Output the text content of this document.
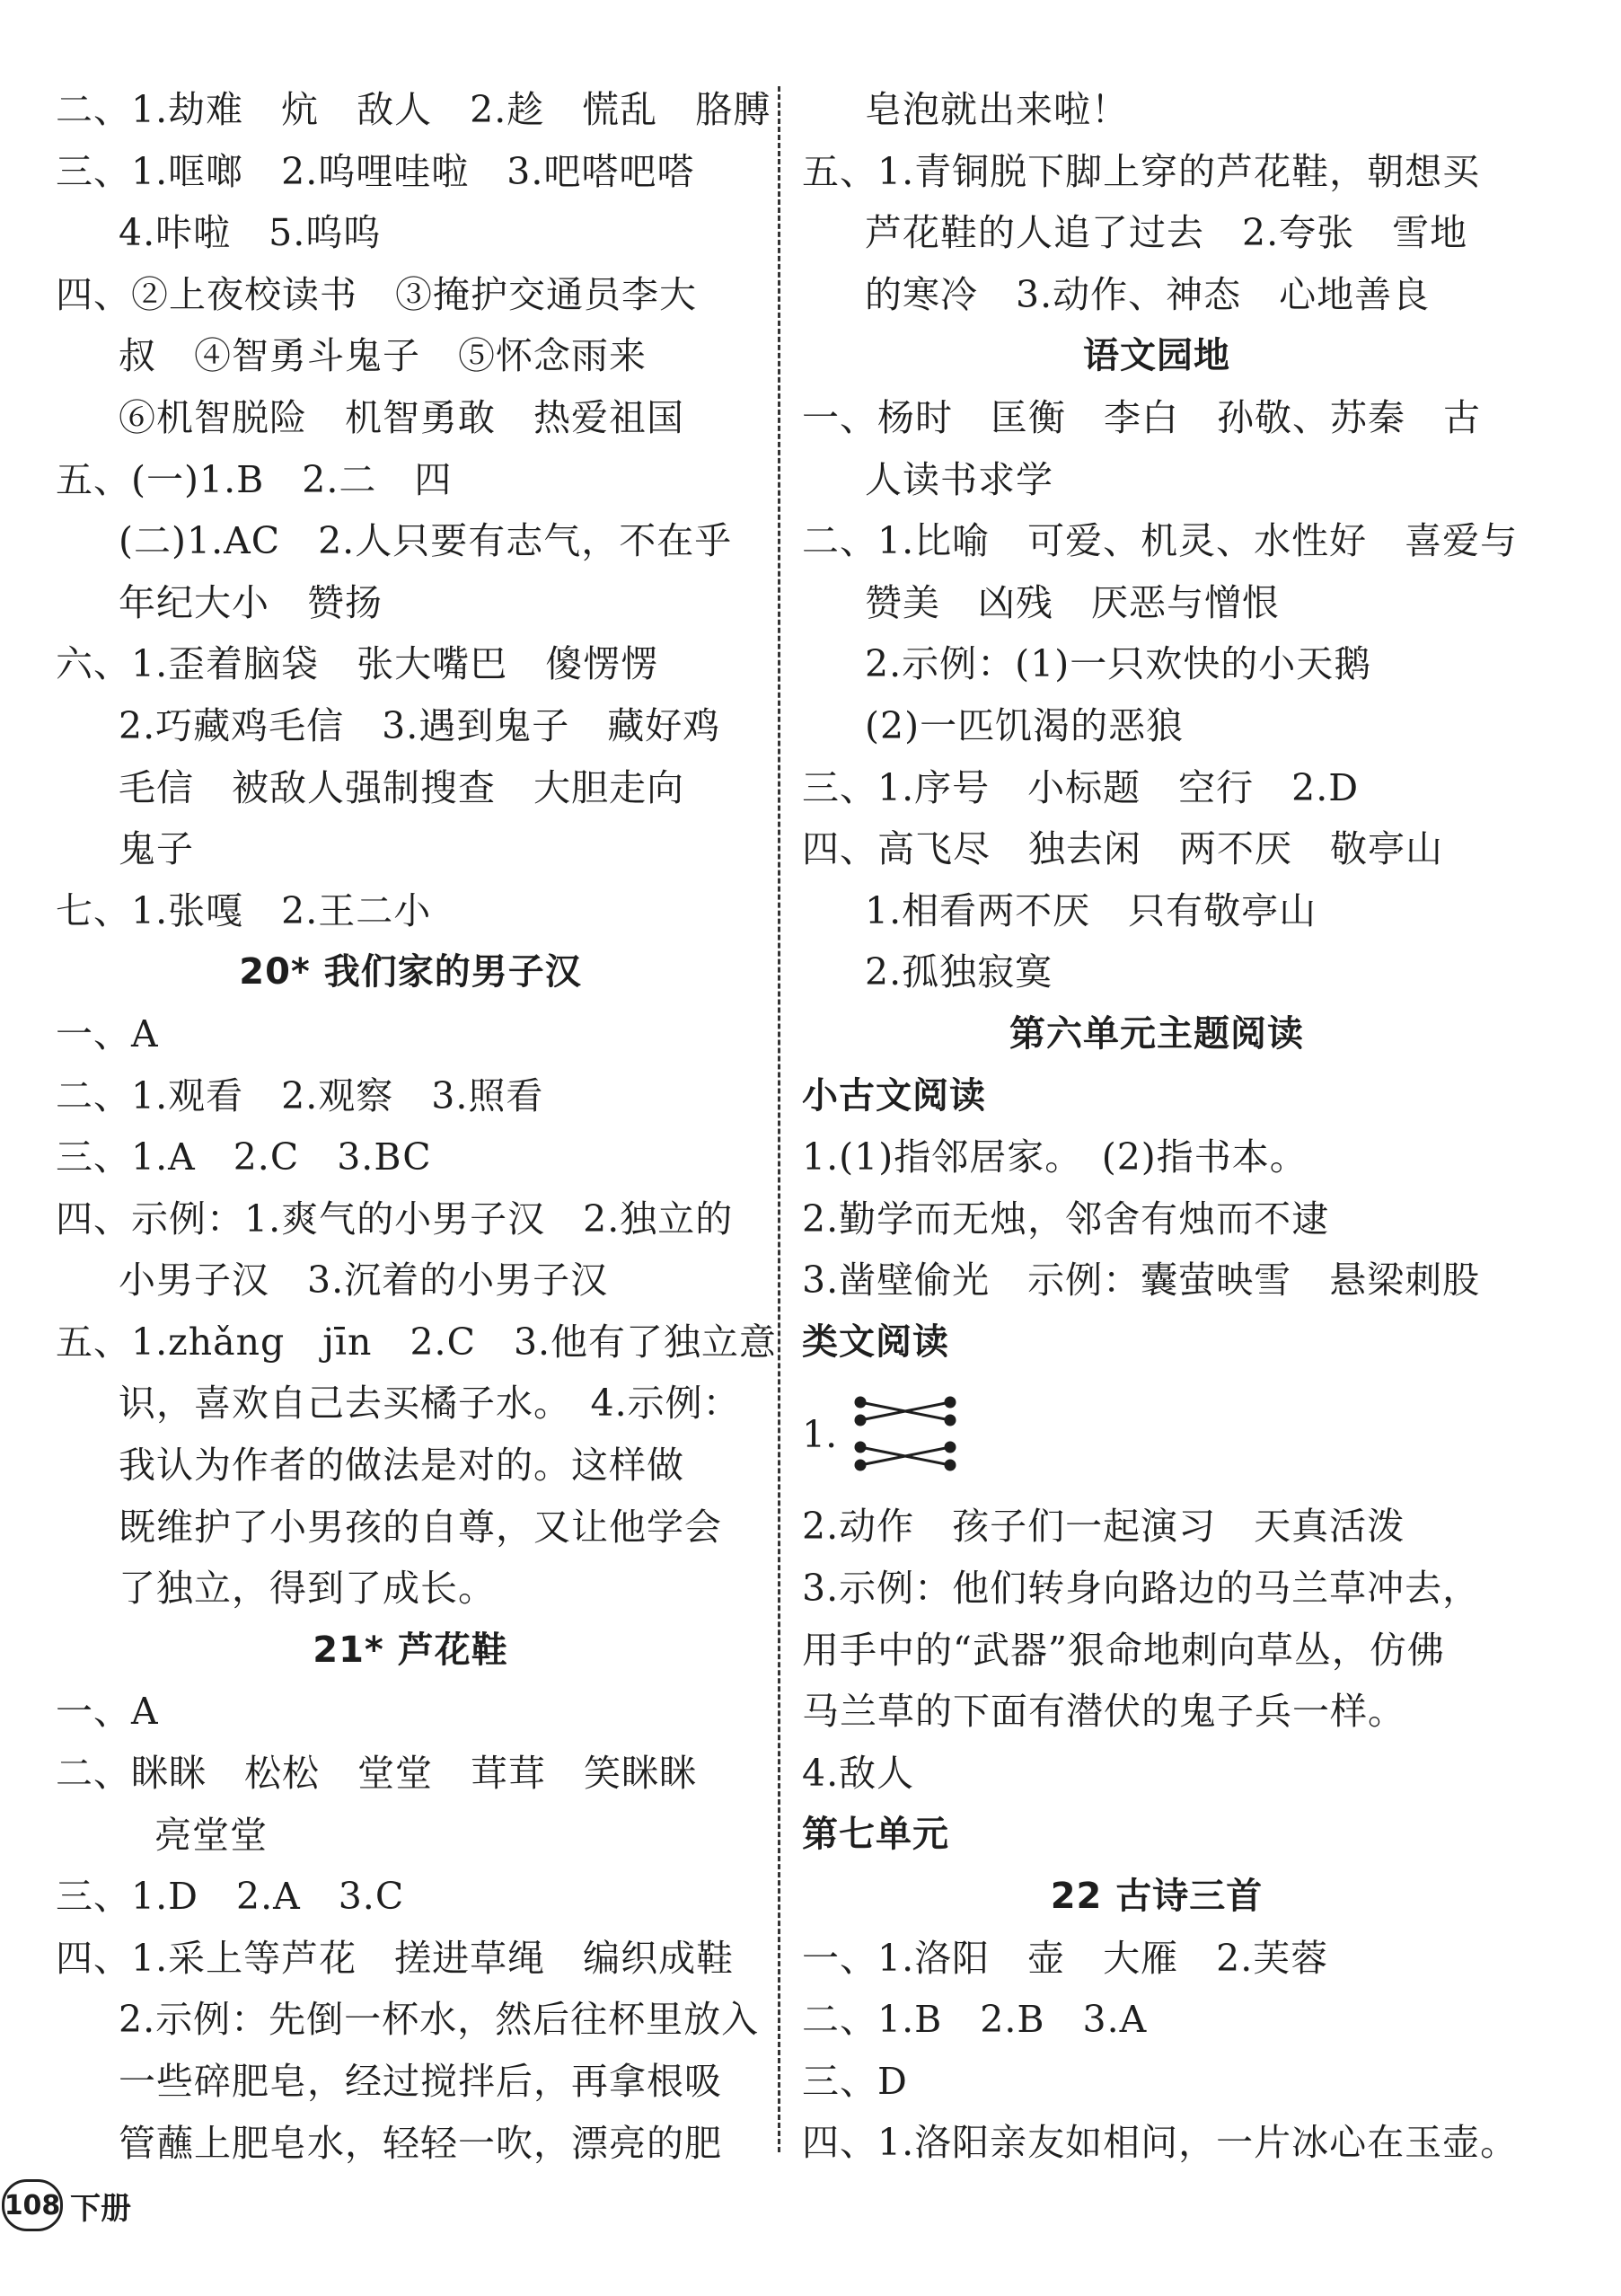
二、1.劫难　炕　敌人　2.趁　慌乱　胳膊
三、1.哐啷　2.呜哩哇啦　3.吧嗒吧嗒
4.咔啦　5.呜呜
四、②上夜校读书　③掩护交通员李大
叔　④智勇斗鬼子　⑤怀念雨来
⑥机智脱险　机智勇敢　热爱祖国
五、(一)1.B　2.二　四
(二)1.AC　2.人只要有志气，不在乎
年纪大小　赞扬
六、1.歪着脑袋　张大嘴巴　傻愣愣
2.巧藏鸡毛信　3.遇到鬼子　藏好鸡
毛信　被敌人强制搜查　大胆走向
鬼子
七、1.张嘎　2.王二小
20* 我们家的男子汉
一、A
二、1.观看　2.观察　3.照看
三、1.A　2.C　3.BC
四、示例：1.爽气的小男子汉　2.独立的
小男子汉　3.沉着的小男子汉
五、1.zhǎng　jīn　2.C　3.他有了独立意
识，喜欢自己去买橘子水。　4.示例：
我认为作者的做法是对的。这样做
既维护了小男孩的自尊，又让他学会
了独立，得到了成长。
21* 芦花鞋
一、A
二、眯眯　松松　堂堂　茸茸　笑眯眯
亮堂堂
三、1.D　2.A　3.C
四、1.采上等芦花　搓进草绳　编织成鞋
2.示例：先倒一杯水，然后往杯里放入
一些碎肥皂，经过搅拌后，再拿根吸
管蘸上肥皂水，轻轻一吹，漂亮的肥
皂泡就出来啦！
五、1.青铜脱下脚上穿的芦花鞋，朝想买
芦花鞋的人追了过去　2.夸张　雪地
的寒冷　3.动作、神态　心地善良
语文园地
一、杨时　匡衡　李白　孙敬、苏秦　古
人读书求学
二、1.比喻　可爱、机灵、水性好　喜爱与
赞美　凶残　厌恶与憎恨
2.示例：(1)一只欢快的小天鹅
(2)一匹饥渴的恶狼
三、1.序号　小标题　空行　2.D
四、高飞尽　独去闲　两不厌　敬亭山
1.相看两不厌　只有敬亭山
2.孤独寂寞
第六单元主题阅读
小古文阅读
1.(1)指邻居家。　(2)指书本。
2.勤学而无烛，邻舍有烛而不逮
3.凿壁偷光　示例：囊萤映雪　悬梁刺股
类文阅读
1.
2.动作　孩子们一起演习　天真活泼
3.示例：他们转身向路边的马兰草冲去，
用手中的“武器”狠命地刺向草丛，仿佛
马兰草的下面有潜伏的鬼子兵一样。
4.敌人
第七单元
22 古诗三首
一、1.洛阳　壶　大雁　2.芙蓉
二、1.B　2.B　3.A
三、D
四、1.洛阳亲友如相问，一片冰心在玉壶。
108 下册
